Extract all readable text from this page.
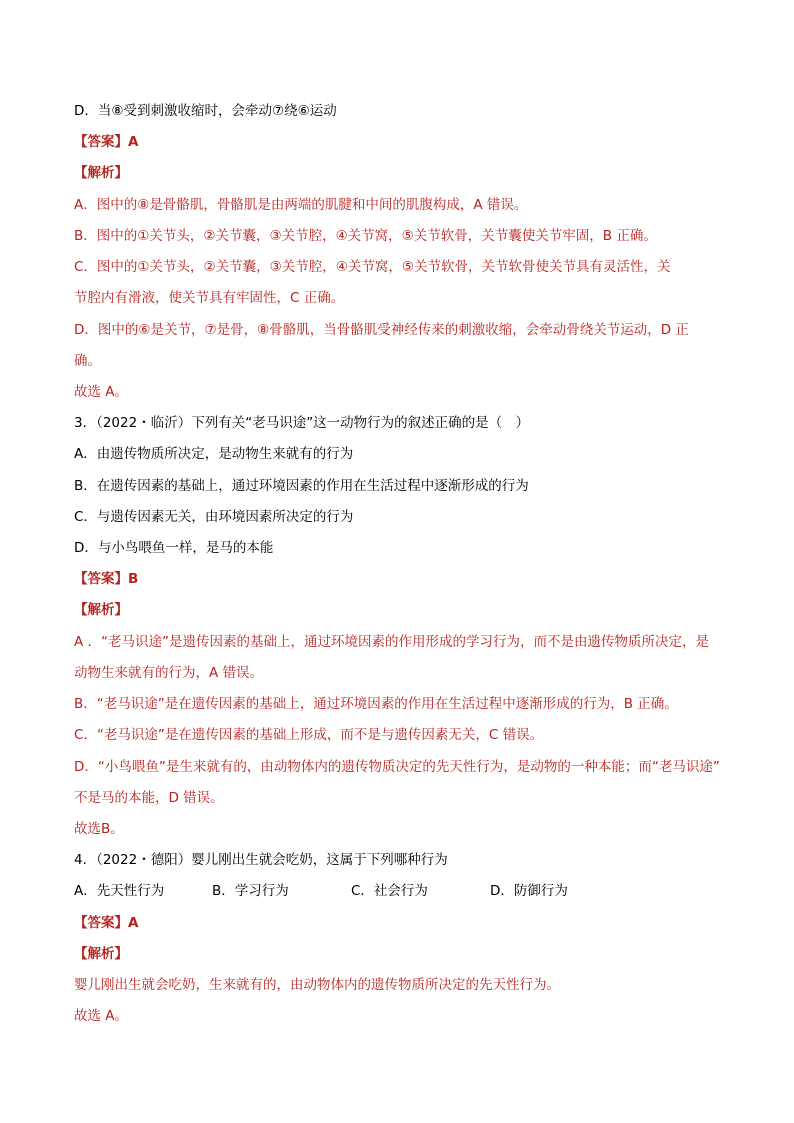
D．当⑧受到刺激收缩时，会牵动⑦绕⑥运动
【答案】A
【解析】
A．图中的⑧是骨骼肌，骨骼肌是由两端的肌腱和中间的肌腹构成，A 错误。
B．图中的①关节头，②关节囊，③关节腔，④关节窝，⑤关节软骨，关节囊使关节牢固，B 正确。
C．图中的①关节头，②关节囊，③关节腔，④关节窝，⑤关节软骨，关节软骨使关节具有灵活性，关
节腔内有滑液，使关节具有牢固性，C 正确。
D．图中的⑥是关节，⑦是骨，⑧骨骼肌，当骨骼肌受神经传来的刺激收缩，会牵动骨绕关节运动，D 正
确。
故选 A。
3．（2022・临沂）下列有关“老马识途”这一动物行为的叙述正确的是（　）
A．由遗传物质所决定，是动物生来就有的行为
B．在遗传因素的基础上，通过环境因素的作用在生活过程中逐渐形成的行为
C．与遗传因素无关，由环境因素所决定的行为
D．与小鸟喂鱼一样，是马的本能
【答案】B
【解析】
A ．“老马识途”是遗传因素的基础上，通过环境因素的作用形成的学习行为，而不是由遗传物质所决定，是
动物生来就有的行为，A 错误。
B．“老马识途”是在遗传因素的基础上，通过环境因素的作用在生活过程中逐渐形成的行为，B 正确。
C．“老马识途”是在遗传因素的基础上形成，而不是与遗传因素无关，C 错误。
D．“小鸟喂鱼”是生来就有的，由动物体内的遗传物质决定的先天性行为，是动物的一种本能；而“老马识途”
不是马的本能，D 错误。
故选B。
4．（2022・德阳）婴儿刚出生就会吃奶，这属于下列哪种行为
A．先天性行为	B．学习行为	C．社会行为	D．防御行为
【答案】A
【解析】
婴儿刚出生就会吃奶，生来就有的，由动物体内的遗传物质所决定的先天性行为。
故选 A。
